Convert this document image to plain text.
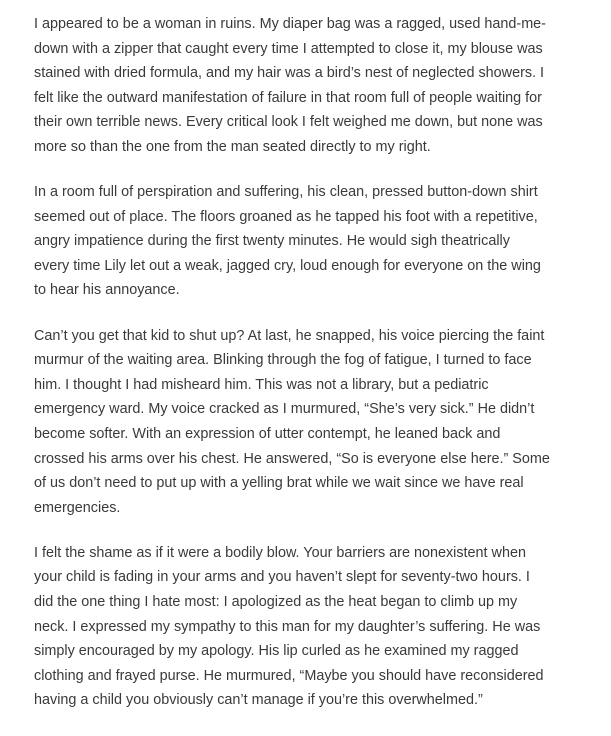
I appeared to be a woman in ruins. My diaper bag was a ragged, used hand-me-
down with a zipper that caught every time I attempted to close it, my blouse was
stained with dried formula, and my hair was a bird’s nest of neglected showers. I
felt like the outward manifestation of failure in that room full of people waiting for
their own terrible news. Every critical look I felt weighed me down, but none was
more so than the one from the man seated directly to my right.

In a room full of perspiration and suffering, his clean, pressed button-down shirt
seemed out of place. The floors groaned as he tapped his foot with a repetitive,
angry impatience during the first twenty minutes. He would sigh theatrically
every time Lily let out a weak, jagged cry, loud enough for everyone on the wing
to hear his annoyance.

Can’t you get that kid to shut up? At last, he snapped, his voice piercing the faint
murmur of the waiting area. Blinking through the fog of fatigue, I turned to face
him. I thought I had misheard him. This was not a library, but a pediatric
emergency ward. My voice cracked as I murmured, “She’s very sick.” He didn’t
become softer. With an expression of utter contempt, he leaned back and
crossed his arms over his chest. He answered, “So is everyone else here.” Some
of us don’t need to put up with a yelling brat while we wait since we have real
emergencies.

I felt the shame as if it were a bodily blow. Your barriers are nonexistent when
your child is fading in your arms and you haven’t slept for seventy-two hours. I
did the one thing I hate most: I apologized as the heat began to climb up my
neck. I expressed my sympathy to this man for my daughter’s suffering. He was
simply encouraged by my apology. His lip curled as he examined my ragged
clothing and frayed purse. He murmured, “Maybe you should have reconsidered
having a child you obviously can’t manage if you’re this overwhelmed.”
